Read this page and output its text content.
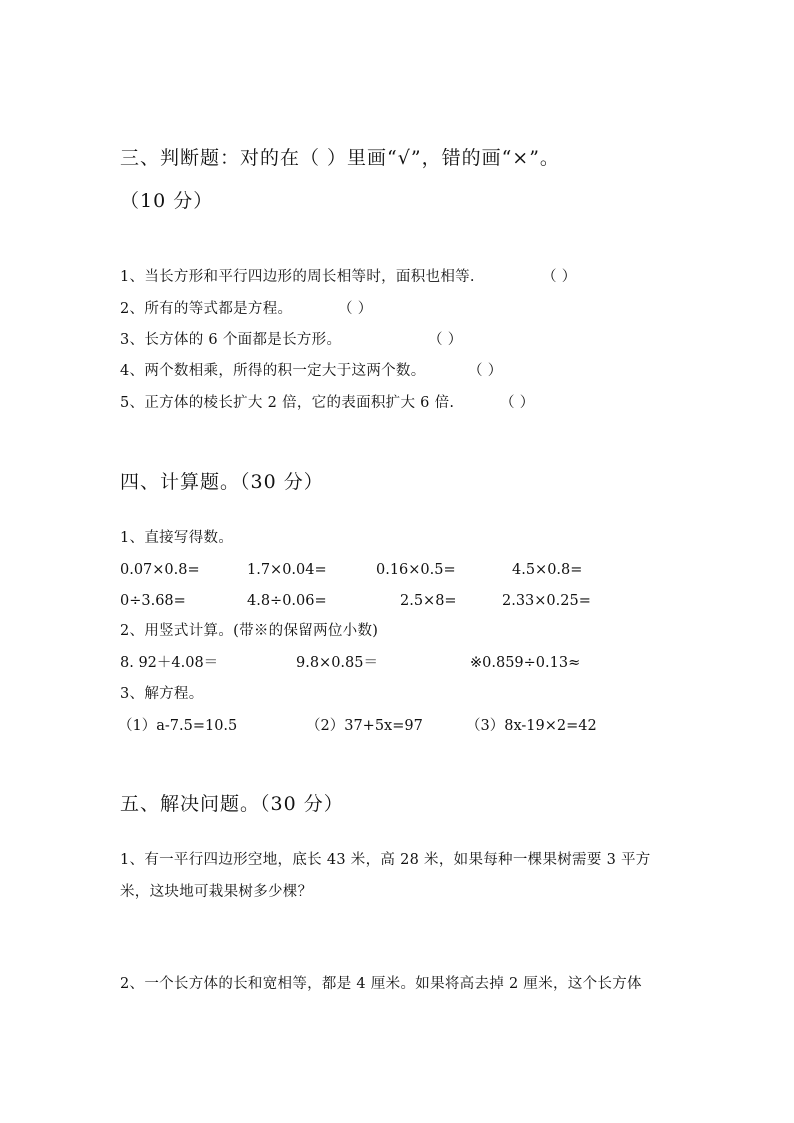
三、判断题：对的在（ ）里画“√”，错的画“×”。
（10 分）
1、当长方形和平行四边形的周长相等时，面积也相等.	（ ）
2、所有的等式都是方程。	（ ）
3、长方体的 6 个面都是长方形。	（ ）
4、两个数相乘，所得的积一定大于这两个数。	（ ）
5、正方体的棱长扩大 2 倍，它的表面积扩大 6 倍.	（ ）
四、计算题。（30 分）
1、直接写得数。
0.07×0.8=	1.7×0.04=	0.16×0.5=	4.5×0.8=
0÷3.68=	4.8÷0.06=	2.5×8=	2.33×0.25=
2、用竖式计算。(带※的保留两位小数)
8. 92＋4.08＝	9.8×0.85＝	※0.859÷0.13≈
3、解方程。
（1）a-7.5=10.5	（2）37+5x=97	（3）8x-19×2=42
五、解决问题。（30 分）
1、有一平行四边形空地，底长 43 米，高 28 米，如果每种一棵果树需要 3 平方
米，这块地可栽果树多少棵？
2、一个长方体的长和宽相等，都是 4 厘米。如果将高去掉 2 厘米，这个长方体
